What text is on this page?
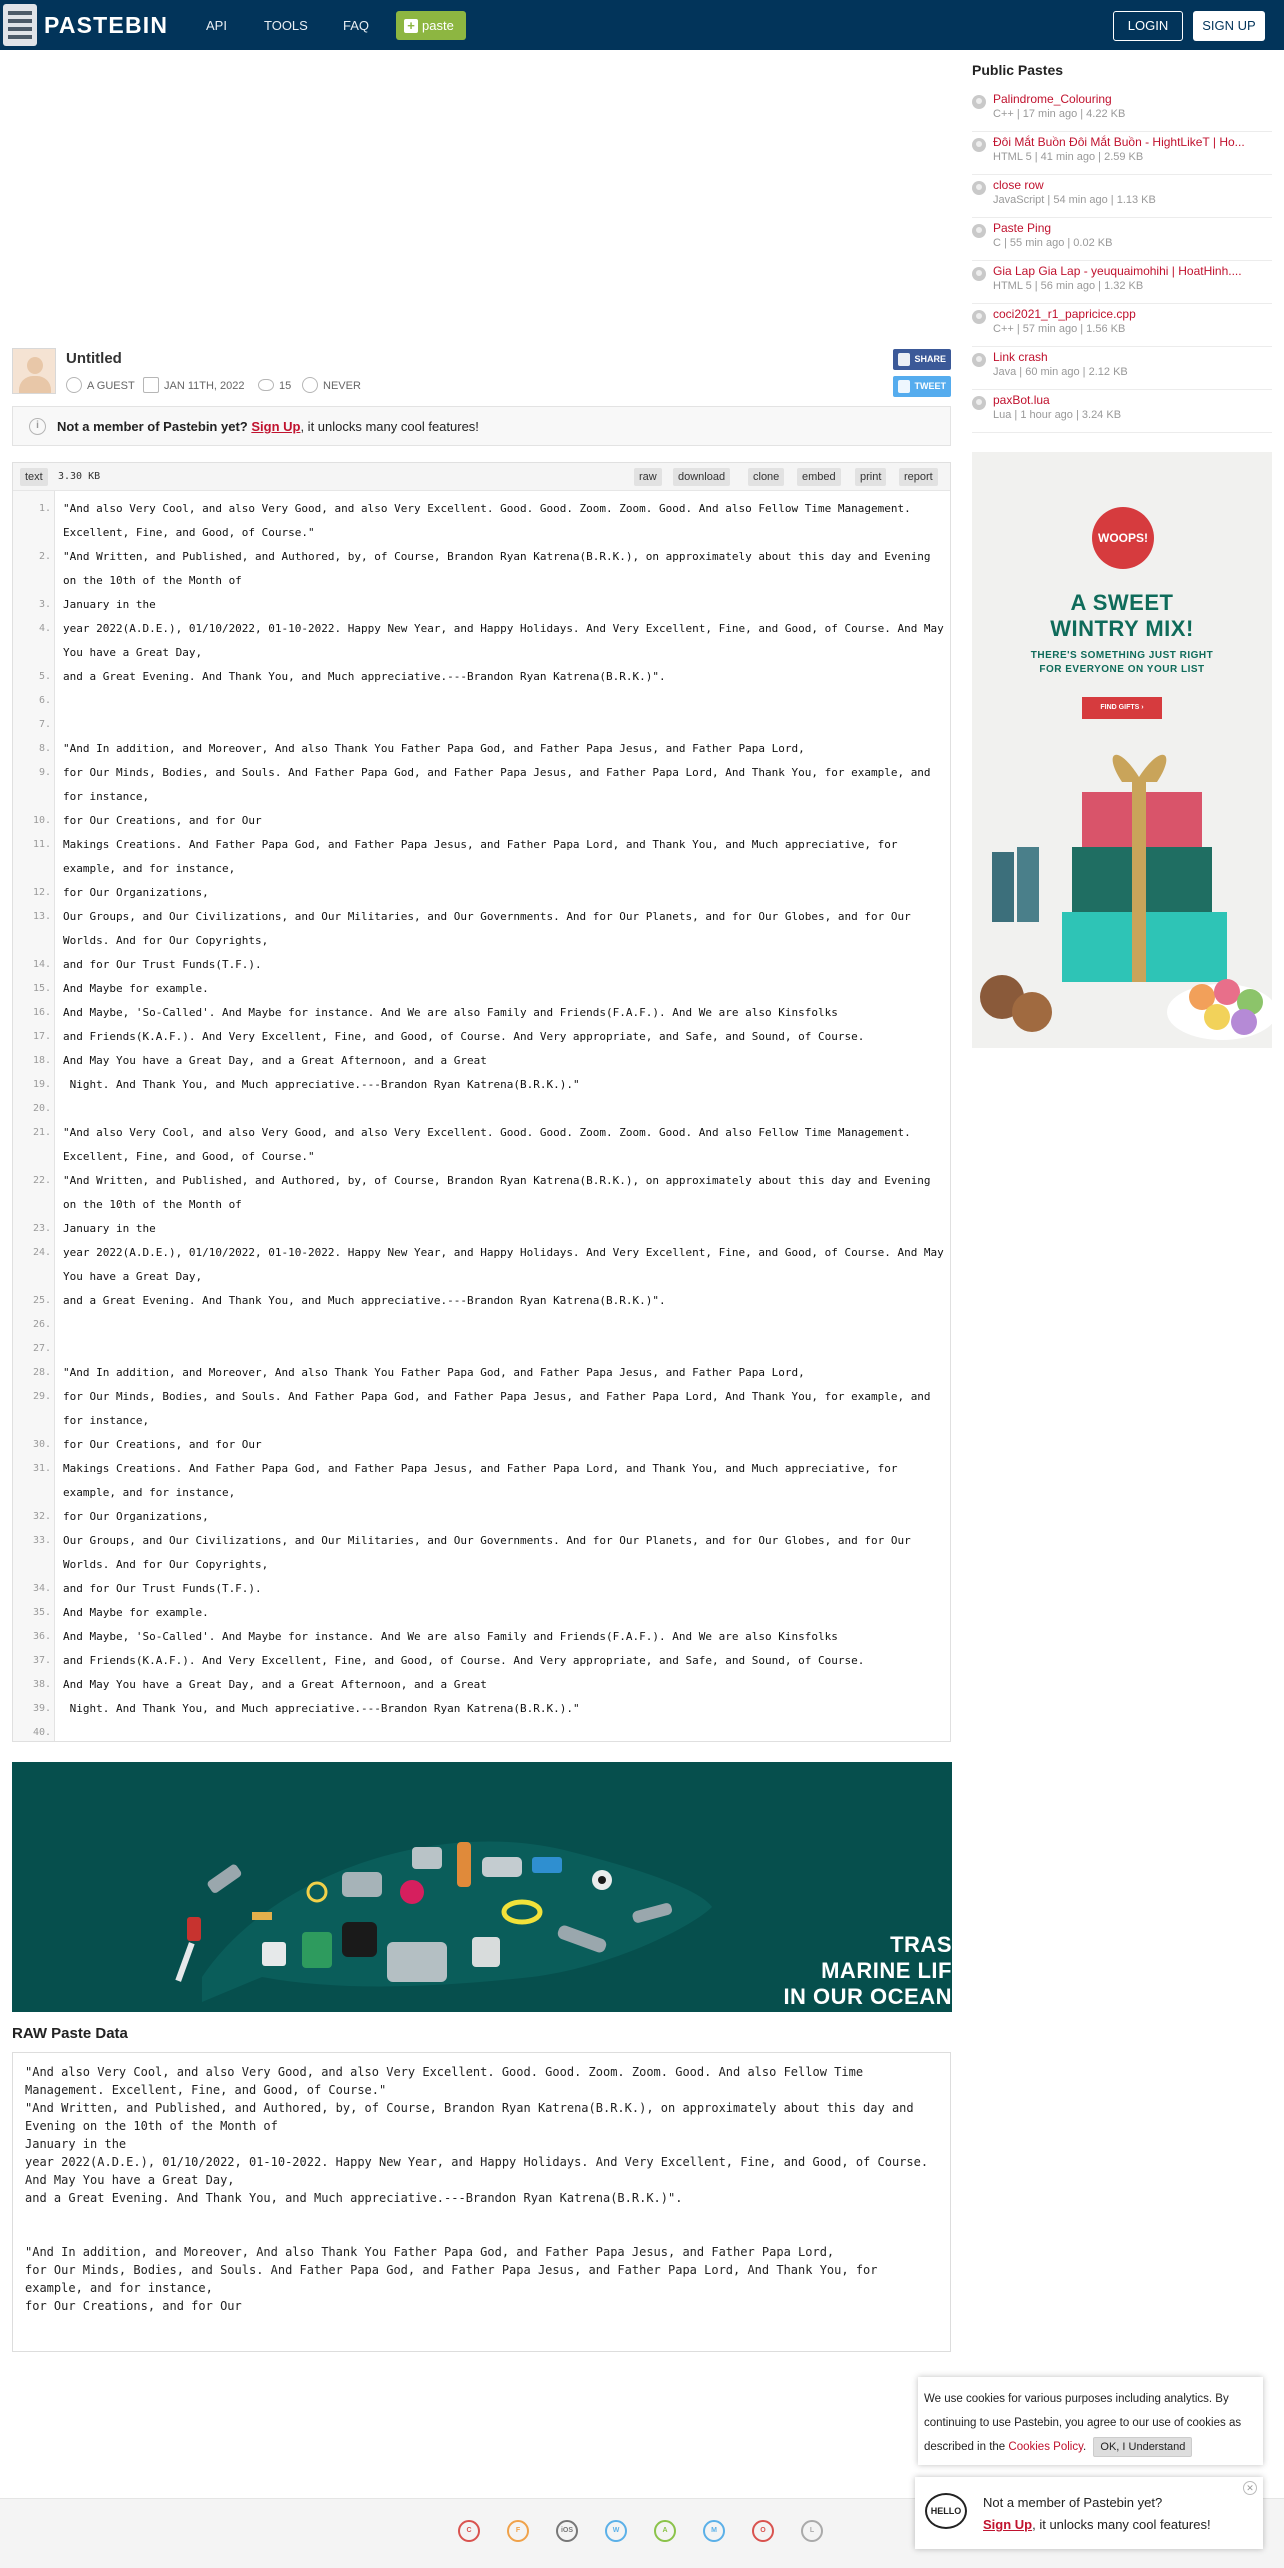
PASTEBIN	API	TOOLS	FAQ	+ paste	LOGIN	SIGN UP
Untitled
A GUEST	JAN 11TH, 2022	15	NEVER
SHARE
TWEET
i	Not a member of Pastebin yet? Sign Up, it unlocks many cool features!
text	3.30 KB	raw	download	clone	embed	print	report
1. "And also Very Cool, and also Very Good, and also Very Excellent. Good. Good. Zoom. Zoom. Good. And also Fellow Time Management. Excellent, Fine, and Good, of Course."
2. "And Written, and Published, and Authored, by, of Course, Brandon Ryan Katrena(B.R.K.), on approximately about this day and Evening on the 10th of the Month of
3. January in the
4. year 2022(A.D.E.), 01/10/2022, 01-10-2022. Happy New Year, and Happy Holidays. And Very Excellent, Fine, and Good, of Course. And May You have a Great Day,
5. and a Great Evening. And Thank You, and Much appreciative.---Brandon Ryan Katrena(B.R.K.)".
6.
7.
8. "And In addition, and Moreover, And also Thank You Father Papa God, and Father Papa Jesus, and Father Papa Lord,
9. for Our Minds, Bodies, and Souls. And Father Papa God, and Father Papa Jesus, and Father Papa Lord, And Thank You, for example, and for instance,
10. for Our Creations, and for Our
11. Makings Creations. And Father Papa God, and Father Papa Jesus, and Father Papa Lord, and Thank You, and Much appreciative, for example, and for instance,
12. for Our Organizations,
13. Our Groups, and Our Civilizations, and Our Militaries, and Our Governments. And for Our Planets, and for Our Globes, and for Our Worlds. And for Our Copyrights,
14. and for Our Trust Funds(T.F.).
15. And Maybe for example.
16. And Maybe, 'So-Called'. And Maybe for instance. And We are also Family and Friends(F.A.F.). And We are also Kinsfolks
17. and Friends(K.A.F.). And Very Excellent, Fine, and Good, of Course. And Very appropriate, and Safe, and Sound, of Course.
18. And May You have a Great Day, and a Great Afternoon, and a Great
19. Night. And Thank You, and Much appreciative.---Brandon Ryan Katrena(B.R.K.)."
20.
21. "And also Very Cool, and also Very Good, and also Very Excellent. Good. Good. Zoom. Zoom. Good. And also Fellow Time Management. Excellent, Fine, and Good, of Course."
22. "And Written, and Published, and Authored, by, of Course, Brandon Ryan Katrena(B.R.K.), on approximately about this day and Evening on the 10th of the Month of
23. January in the
24. year 2022(A.D.E.), 01/10/2022, 01-10-2022. Happy New Year, and Happy Holidays. And Very Excellent, Fine, and Good, of Course. And May You have a Great Day,
25. and a Great Evening. And Thank You, and Much appreciative.---Brandon Ryan Katrena(B.R.K.)".
26.
27.
28. "And In addition, and Moreover, And also Thank You Father Papa God, and Father Papa Jesus, and Father Papa Lord,
29. for Our Minds, Bodies, and Souls. And Father Papa God, and Father Papa Jesus, and Father Papa Lord, And Thank You, for example, and for instance,
30. for Our Creations, and for Our
31. Makings Creations. And Father Papa God, and Father Papa Jesus, and Father Papa Lord, and Thank You, and Much appreciative, for example, and for instance,
32. for Our Organizations,
33. Our Groups, and Our Civilizations, and Our Militaries, and Our Governments. And for Our Planets, and for Our Globes, and for Our Worlds. And for Our Copyrights,
34. and for Our Trust Funds(T.F.).
35. And Maybe for example.
36. And Maybe, 'So-Called'. And Maybe for instance. And We are also Family and Friends(F.A.F.). And We are also Kinsfolks
37. and Friends(K.A.F.). And Very Excellent, Fine, and Good, of Course. And Very appropriate, and Safe, and Sound, of Course.
38. And May You have a Great Day, and a Great Afternoon, and a Great
39. Night. And Thank You, and Much appreciative.---Brandon Ryan Katrena(B.R.K.)."
40.
TRAS
MARINE LIF
IN OUR OCEAN
RAW Paste Data
"And also Very Cool, and also Very Good, and also Very Excellent. Good. Good. Zoom. Zoom. Good. And also Fellow Time Management. Excellent, Fine, and Good, of Course."
"And Written, and Published, and Authored, by, of Course, Brandon Ryan Katrena(B.R.K.), on approximately about this day and Evening on the 10th of the Month of
January in the
year 2022(A.D.E.), 01/10/2022, 01-10-2022. Happy New Year, and Happy Holidays. And Very Excellent, Fine, and Good, of Course. And May You have a Great Day,
and a Great Evening. And Thank You, and Much appreciative.---Brandon Ryan Katrena(B.R.K.)".

"And In addition, and Moreover, And also Thank You Father Papa God, and Father Papa Jesus, and Father Papa Lord,
for Our Minds, Bodies, and Souls. And Father Papa God, and Father Papa Jesus, and Father Papa Lord, And Thank You, for example, and for instance,
for Our Creations, and for Our
Public Pastes
Palindrome_Colouring
C++ | 17 min ago | 4.22 KB
Đôi Mắt Buồn Đôi Mắt Buồn - HightLikeT | Ho...
HTML 5 | 41 min ago | 2.59 KB
close row
JavaScript | 54 min ago | 1.13 KB
Paste Ping
C | 55 min ago | 0.02 KB
Gia Lap Gia Lap - yeuquaimohihi | HoatHinh....
HTML 5 | 56 min ago | 1.32 KB
coci2021_r1_papricice.cpp
C++ | 57 min ago | 1.56 KB
Link crash
Java | 60 min ago | 2.12 KB
paxBot.lua
Lua | 1 hour ago | 3.24 KB
WOOPS!
A SWEET
WINTRY MIX!
THERE'S SOMETHING JUST RIGHT
FOR EVERYONE ON YOUR LIST
FIND GIFTS ›
C	F	iOS	W	A	M	O	L
We use cookies for various purposes including analytics. By continuing to use Pastebin, you agree to our use of cookies as described in the Cookies Policy. OK, I Understand
HELLO
Not a member of Pastebin yet?
Sign Up, it unlocks many cool features!
✕
